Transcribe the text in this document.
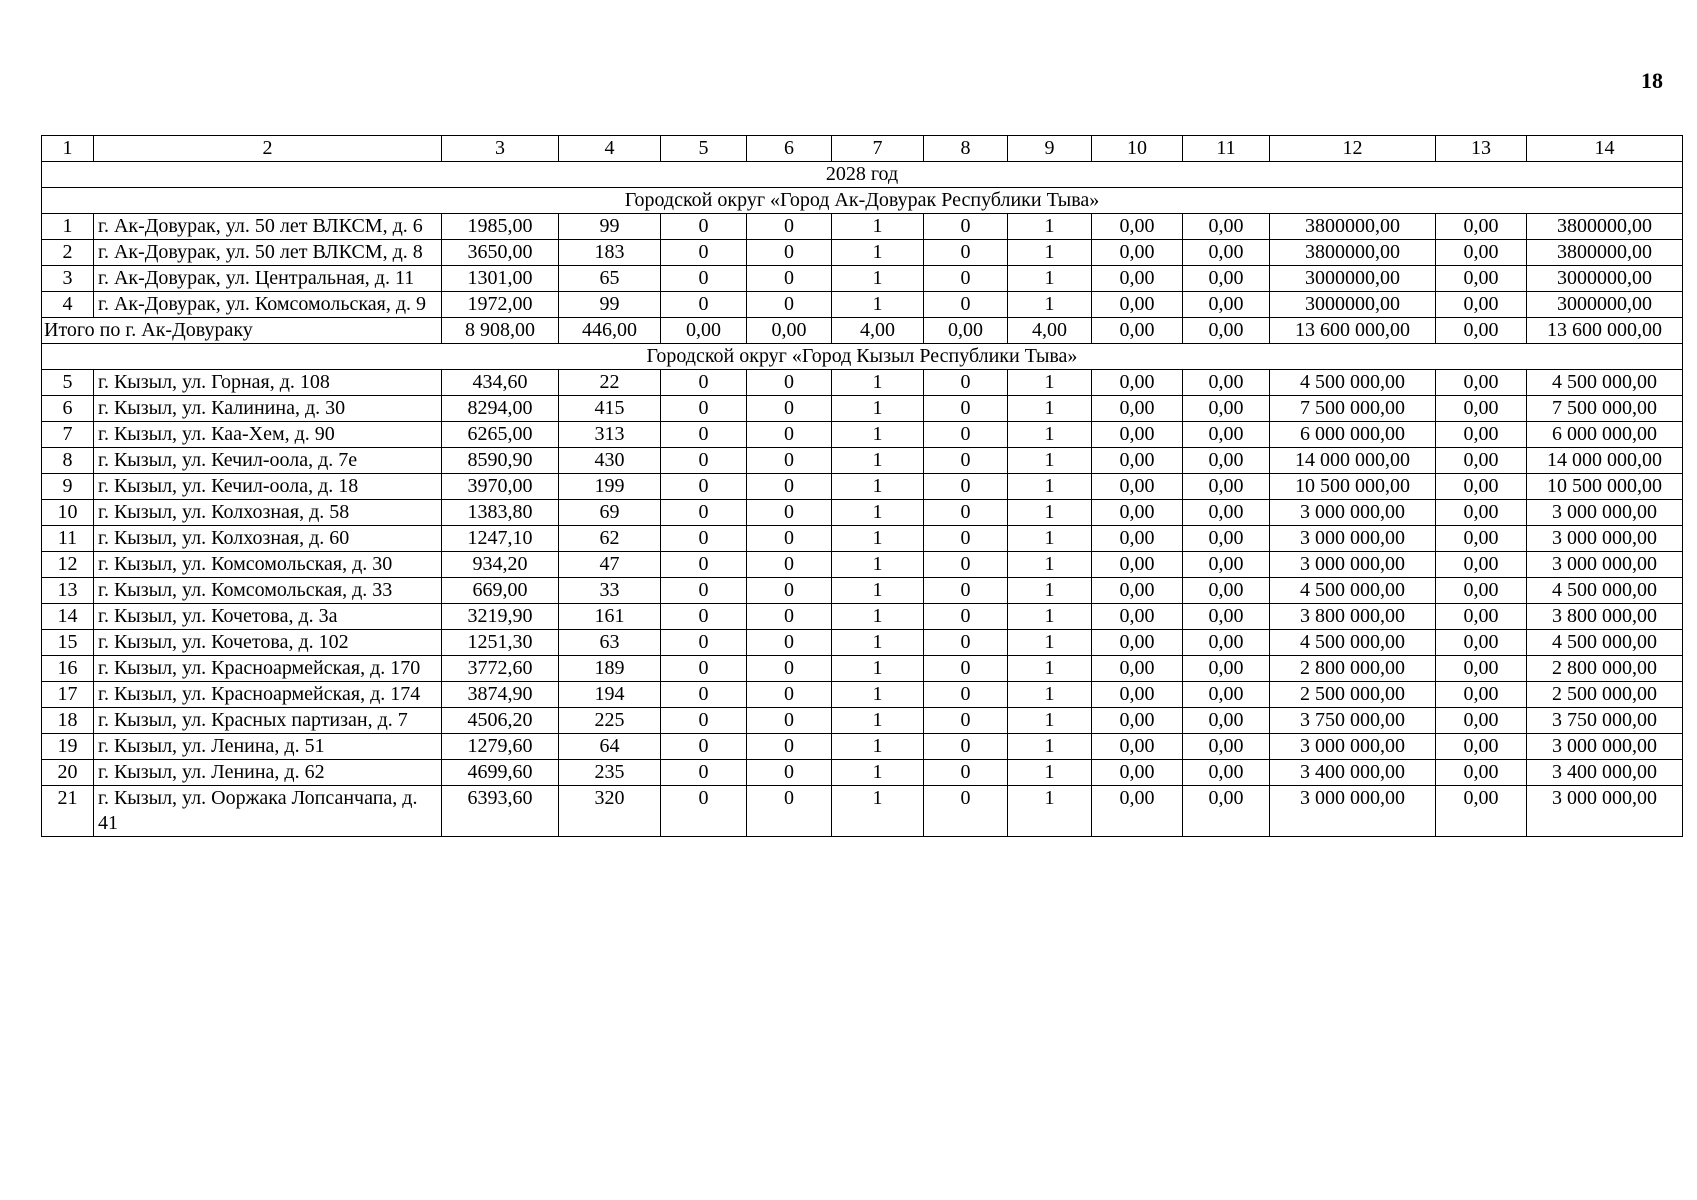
18
1	2	3	4	5	6	7	8	9	10	11	12	13	14
2028 год													
Городской округ «Город Ак-Довурак Республики Тыва»													
1	г. Ак-Довурак, ул. 50 лет ВЛКСМ, д. 6	1985,00	99	0	0	1	0	1	0,00	0,00	3800000,00	0,00	3800000,00
2	г. Ак-Довурак, ул. 50 лет ВЛКСМ, д. 8	3650,00	183	0	0	1	0	1	0,00	0,00	3800000,00	0,00	3800000,00
3	г. Ак-Довурак, ул. Центральная, д. 11	1301,00	65	0	0	1	0	1	0,00	0,00	3000000,00	0,00	3000000,00
4	г. Ак-Довурак, ул. Комсомольская, д. 9	1972,00	99	0	0	1	0	1	0,00	0,00	3000000,00	0,00	3000000,00
Итого по г. Ак-Довураку		8 908,00	446,00	0,00	0,00	4,00	0,00	4,00	0,00	0,00	13 600 000,00	0,00	13 600 000,00
Городской округ «Город Кызыл Республики Тыва»													
5	г. Кызыл, ул. Горная, д. 108	434,60	22	0	0	1	0	1	0,00	0,00	4 500 000,00	0,00	4 500 000,00
6	г. Кызыл, ул. Калинина, д. 30	8294,00	415	0	0	1	0	1	0,00	0,00	7 500 000,00	0,00	7 500 000,00
7	г. Кызыл, ул. Каа-Хем, д. 90	6265,00	313	0	0	1	0	1	0,00	0,00	6 000 000,00	0,00	6 000 000,00
8	г. Кызыл, ул. Кечил-оола, д. 7е	8590,90	430	0	0	1	0	1	0,00	0,00	14 000 000,00	0,00	14 000 000,00
9	г. Кызыл, ул. Кечил-оола, д. 18	3970,00	199	0	0	1	0	1	0,00	0,00	10 500 000,00	0,00	10 500 000,00
10	г. Кызыл, ул. Колхозная, д. 58	1383,80	69	0	0	1	0	1	0,00	0,00	3 000 000,00	0,00	3 000 000,00
11	г. Кызыл, ул. Колхозная, д. 60	1247,10	62	0	0	1	0	1	0,00	0,00	3 000 000,00	0,00	3 000 000,00
12	г. Кызыл, ул. Комсомольская, д. 30	934,20	47	0	0	1	0	1	0,00	0,00	3 000 000,00	0,00	3 000 000,00
13	г. Кызыл, ул. Комсомольская, д. 33	669,00	33	0	0	1	0	1	0,00	0,00	4 500 000,00	0,00	4 500 000,00
14	г. Кызыл, ул. Кочетова, д. 3а	3219,90	161	0	0	1	0	1	0,00	0,00	3 800 000,00	0,00	3 800 000,00
15	г. Кызыл, ул. Кочетова, д. 102	1251,30	63	0	0	1	0	1	0,00	0,00	4 500 000,00	0,00	4 500 000,00
16	г. Кызыл, ул. Красноармейская, д. 170	3772,60	189	0	0	1	0	1	0,00	0,00	2 800 000,00	0,00	2 800 000,00
17	г. Кызыл, ул. Красноармейская, д. 174	3874,90	194	0	0	1	0	1	0,00	0,00	2 500 000,00	0,00	2 500 000,00
18	г. Кызыл, ул. Красных партизан, д. 7	4506,20	225	0	0	1	0	1	0,00	0,00	3 750 000,00	0,00	3 750 000,00
19	г. Кызыл, ул. Ленина, д. 51	1279,60	64	0	0	1	0	1	0,00	0,00	3 000 000,00	0,00	3 000 000,00
20	г. Кызыл, ул. Ленина, д. 62	4699,60	235	0	0	1	0	1	0,00	0,00	3 400 000,00	0,00	3 400 000,00
21	г. Кызыл, ул. Ооржака Лопсанчапа, д. 41	6393,60	320	0	0	1	0	1	0,00	0,00	3 000 000,00	0,00	3 000 000,00
